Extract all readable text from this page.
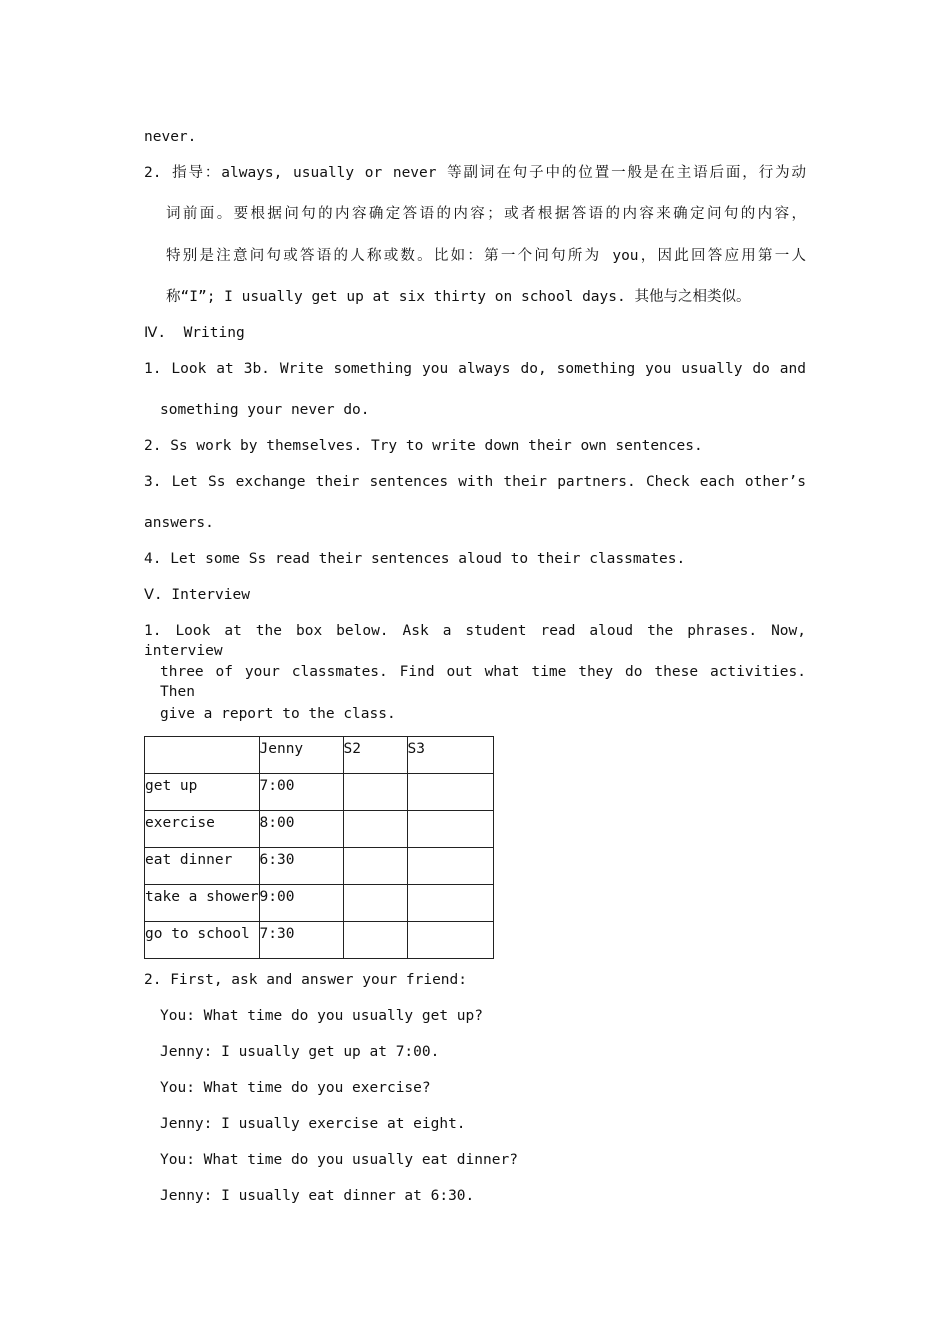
never.
2. 指导：always, usually or never 等副词在句子中的位置一般是在主语后面，行为动
词前面。要根据问句的内容确定答语的内容；或者根据答语的内容来确定问句的内容，
特别是注意问句或答语的人称或数。比如：第一个问句所为 you，因此回答应用第一人
称“I”; I usually get up at six thirty on school days. 其他与之相类似。
Ⅳ.  Writing
1. Look at 3b. Write something you always do, something you usually do and
something your never do.
2. Ss work by themselves. Try to write down their own sentences.
3. Let Ss exchange their sentences with their partners. Check each other’s
answers.
4. Let some Ss read their sentences aloud to their classmates.
Ⅴ. Interview
1. Look at the box below. Ask a student read aloud the phrases. Now, interview
three of your classmates. Find out what time they do these activities. Then
give a report to the class.
	Jenny	S2	S3
get up	7:00		
exercise	8:00		
eat dinner	6:30		
take a shower	9:00		
go to school	7:30		
2. First, ask and answer your friend:
You: What time do you usually get up?
Jenny: I usually get up at 7:00.
You: What time do you exercise?
Jenny: I usually exercise at eight.
You: What time do you usually eat dinner?
Jenny: I usually eat dinner at 6:30.
